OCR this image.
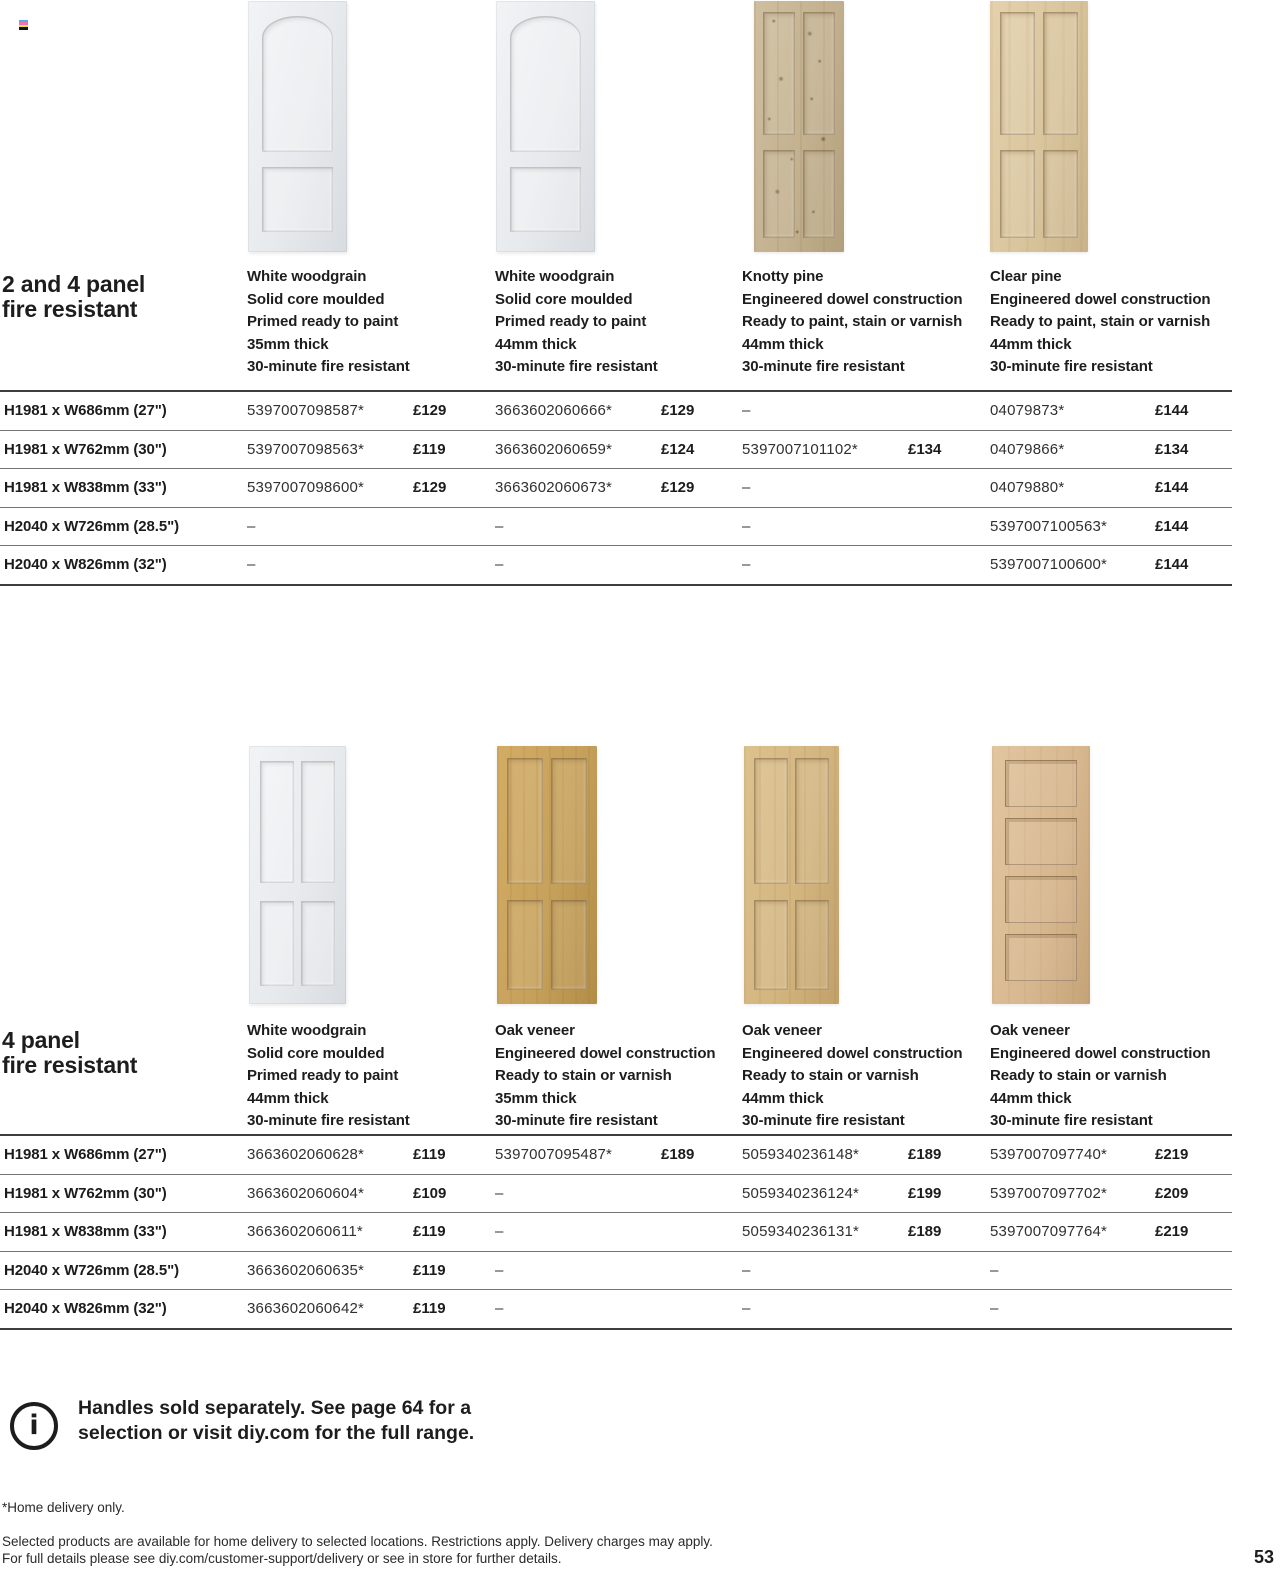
2 and 4 panel
fire resistant
White woodgrain
Solid core moulded
Primed ready to paint
35mm thick
30-minute fire resistant
White woodgrain
Solid core moulded
Primed ready to paint
44mm thick
30-minute fire resistant
Knotty pine
Engineered dowel construction
Ready to paint, stain or varnish
44mm thick
30-minute fire resistant
Clear pine
Engineered dowel construction
Ready to paint, stain or varnish
44mm thick
30-minute fire resistant
H1981 x W686mm (27")	5397007098587*	£129	3663602060666*	£129	–	04079873*	£144
H1981 x W762mm (30")	5397007098563*	£119	3663602060659*	£124	5397007101102*	£134	04079866*	£134
H1981 x W838mm (33")	5397007098600*	£129	3663602060673*	£129	–	04079880*	£144
H2040 x W726mm (28.5")	–	–	–	5397007100563*	£144
H2040 x W826mm (32")	–	–	–	5397007100600*	£144
4 panel
fire resistant
White woodgrain
Solid core moulded
Primed ready to paint
44mm thick
30-minute fire resistant
Oak veneer
Engineered dowel construction
Ready to stain or varnish
35mm thick
30-minute fire resistant
Oak veneer
Engineered dowel construction
Ready to stain or varnish
44mm thick
30-minute fire resistant
Oak veneer
Engineered dowel construction
Ready to stain or varnish
44mm thick
30-minute fire resistant
H1981 x W686mm (27")	3663602060628*	£119	5397007095487*	£189	5059340236148*	£189	5397007097740*	£219
H1981 x W762mm (30")	3663602060604*	£109	–	5059340236124*	£199	5397007097702*	£209
H1981 x W838mm (33")	3663602060611*	£119	–	5059340236131*	£189	5397007097764*	£219
H2040 x W726mm (28.5")	3663602060635*	£119	–	–	–
H2040 x W826mm (32")	3663602060642*	£119	–	–	–
i
Handles sold separately. See page 64 for a
selection or visit diy.com for the full range.
*Home delivery only.
Selected products are available for home delivery to selected locations. Restrictions apply. Delivery charges may apply.
For full details please see diy.com/customer-support/delivery or see in store for further details.	53
